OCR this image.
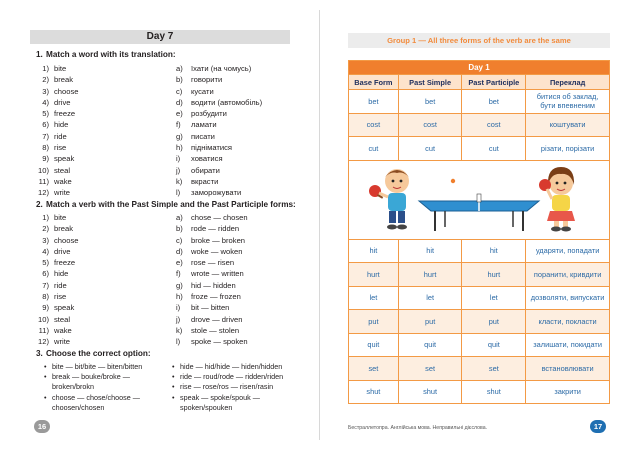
Day 7
1. Match a word with its translation:
1) bite
2) break
3) choose
4) drive
5) freeze
6) hide
7) ride
8) rise
9) speak
10) steal
11) wake
12) write
a) їхати (на чомусь)
b) говорити
c) кусати
d) водити (автомобіль)
e) розбудити
f) ламати
g) писати
h) підніматися
i) ховатися
j) обирати
k) вкрасти
l) заморожувати
2. Match a verb with the Past Simple and the Past Participle forms:
1) bite
2) break
3) choose
4) drive
5) freeze
6) hide
7) ride
8) rise
9) speak
10) steal
11) wake
12) write
a) chose — chosen
b) rode — ridden
c) broke — broken
d) woke — woken
e) rose — risen
f) wrote — written
g) hid — hidden
h) froze — frozen
i) bit — bitten
j) drove — driven
k) stole — stolen
l) spoke — spoken
3. Choose the correct option:
• bite — bit/bite — biten/bitten
• break — bouke/broke — broken/brokn
• choose — chose/choose — choosen/chosen
• hide — hid/hide — hiden/hidden
• ride — roud/rode — ridden/riden
• rise — rose/ros — risen/rasin
• speak — spoke/spouk — spoken/spouken
16
Group 1 — All three forms of the verb are the same
Day 1			
Base Form	Past Simple	Past Participle	Переклад
bet	bet	bet	битися об заклад, бути впевненим
cost	cost	cost	коштувати
cut	cut	cut	різати, порізати

hit	hit	hit	ударяти, попадати
hurt	hurt	hurt	поранити, кривдити
let	let	let	дозволяти, випускати
put	put	put	класти, покласти
quit	quit	quit	залишати, покидати
set	set	set	встановлювати
shut	shut	shut	закрити
Бестраллетопра. Англійська мова. Неправильні дієслова.	17
